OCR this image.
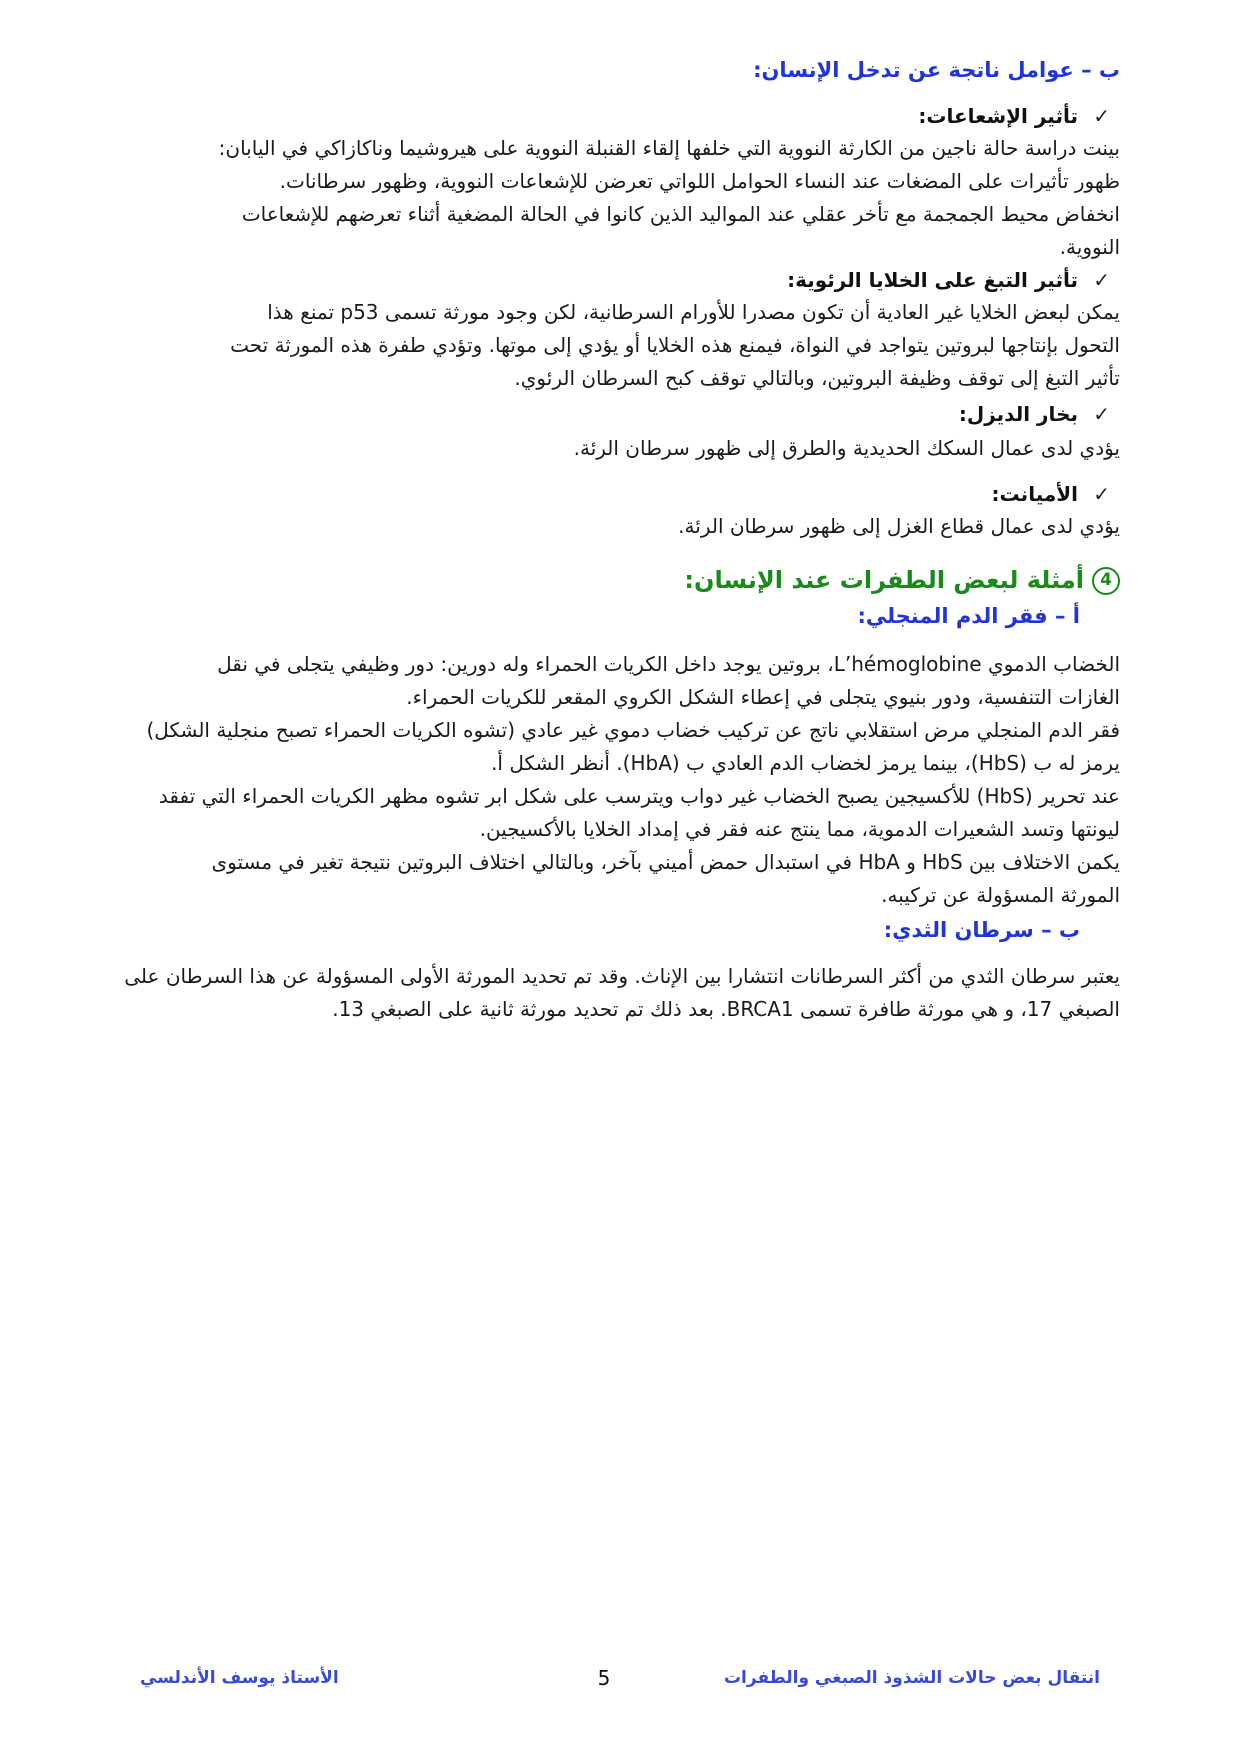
ب – عوامل ناتجة عن تدخل الإنسان:
✓تأثير الإشعاعات:
بينت دراسة حالة ناجين من الكارثة النووية التي خلفها إلقاء القنبلة النووية على هيروشيما وناكازاكي في اليابان:
ظهور تأثيرات على المضغات عند النساء الحوامل اللواتي تعرضن للإشعاعات النووية، وظهور سرطانات.
انخفاض محيط الجمجمة مع تأخر عقلي عند المواليد الذين كانوا في الحالة المضغية أثناء تعرضهم للإشعاعات
النووية.
✓تأثير التبغ على الخلايا الرئوية:
يمكن لبعض الخلايا غير العادية أن تكون مصدرا للأورام السرطانية، لكن وجود مورثة تسمى p53 تمنع هذا
التحول بإنتاجها لبروتين يتواجد في النواة، فيمنع هذه الخلايا أو يؤدي إلى موتها. وتؤدي طفرة هذه المورثة تحت
تأثير التبغ إلى توقف وظيفة البروتين، وبالتالي توقف كبح السرطان الرئوي.
✓بخار الديزل:
يؤدي لدى عمال السكك الحديدية والطرق إلى ظهور سرطان الرئة.
✓الأميانت:
يؤدي لدى عمال قطاع الغزل إلى ظهور سرطان الرئة.
4أمثلة لبعض الطفرات عند الإنسان:
أ – فقر الدم المنجلي:
الخضاب الدموي L’hémoglobine، بروتين يوجد داخل الكريات الحمراء وله دورين: دور وظيفي يتجلى في نقل
الغازات التنفسية، ودور بنيوي يتجلى في إعطاء الشكل الكروي المقعر للكريات الحمراء.
فقر الدم المنجلي مرض استقلابي ناتج عن تركيب خضاب دموي غير عادي (تشوه الكريات الحمراء تصبح منجلية الشكل)
يرمز له ب (HbS)، بينما يرمز لخضاب الدم العادي ب (HbA). أنظر الشكل أ.
عند تحرير (HbS) للأكسيجين يصبح الخضاب غير دواب ويترسب على شكل ابر تشوه مظهر الكريات الحمراء التي تفقد
ليونتها وتسد الشعيرات الدموية، مما ينتج عنه فقر في إمداد الخلايا بالأكسيجين.
يكمن الاختلاف بين HbS و HbA في استبدال حمض أميني بآخر، وبالتالي اختلاف البروتين نتيجة تغير في مستوى
المورثة المسؤولة عن تركيبه.
ب – سرطان الثدي:
يعتبر سرطان الثدي من أكثر السرطانات انتشارا بين الإناث. وقد تم تحديد المورثة الأولى المسؤولة عن هذا السرطان على
الصبغي 17، و هي مورثة طافرة تسمى BRCA1. بعد ذلك تم تحديد مورثة ثانية على الصبغي 13.
انتقال بعض حالات الشذوذ الصبغي والطفرات
5
الأستاذ يوسف الأندلسي
